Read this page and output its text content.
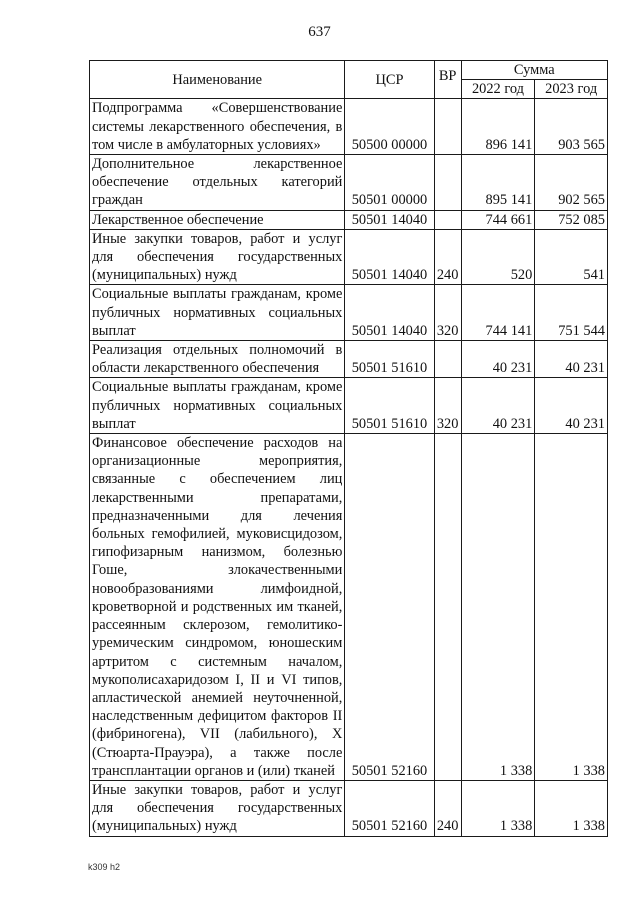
637
Наименование	ЦСР	ВР	Сумма	
			2022 год	2023 год
Подпрограмма «Совершенствование системы лекарственного обеспечения, в том числе в амбулаторных условиях»	50500 00000		896 141	903 565
Дополнительное лекарственное обеспечение отдельных категорий граждан	50501 00000		895 141	902 565
Лекарственное обеспечение	50501 14040		744 661	752 085
Иные закупки товаров, работ и услуг для обеспечения государственных (муниципальных) нужд	50501 14040	240	520	541
Социальные выплаты гражданам, кроме публичных нормативных социальных выплат	50501 14040	320	744 141	751 544
Реализация отдельных полномочий в области лекарственного обеспечения	50501 51610		40 231	40 231
Социальные выплаты гражданам, кроме публичных нормативных социальных выплат	50501 51610	320	40 231	40 231
Финансовое обеспечение расходов на организационные мероприятия, связанные с обеспечением лиц лекарственными препаратами, предназначенными для лечения больных гемофилией, муковисцидозом, гипофизарным нанизмом, болезнью Гоше, злокачественными новообразованиями лимфоидной, кроветворной и родственных им тканей, рассеянным склерозом, гемолитико-уремическим синдромом, юношеским артритом с системным началом, мукополисахаридозом I, II и VI типов, апластической анемией неуточненной, наследственным дефицитом факторов II (фибриногена), VII (лабильного), X (Стюарта-Прауэра), а также после трансплантации органов и (или) тканей	50501 52160		1 338	1 338
Иные закупки товаров, работ и услуг для обеспечения государственных (муниципальных) нужд	50501 52160	240	1 338	1 338
k309 h2
